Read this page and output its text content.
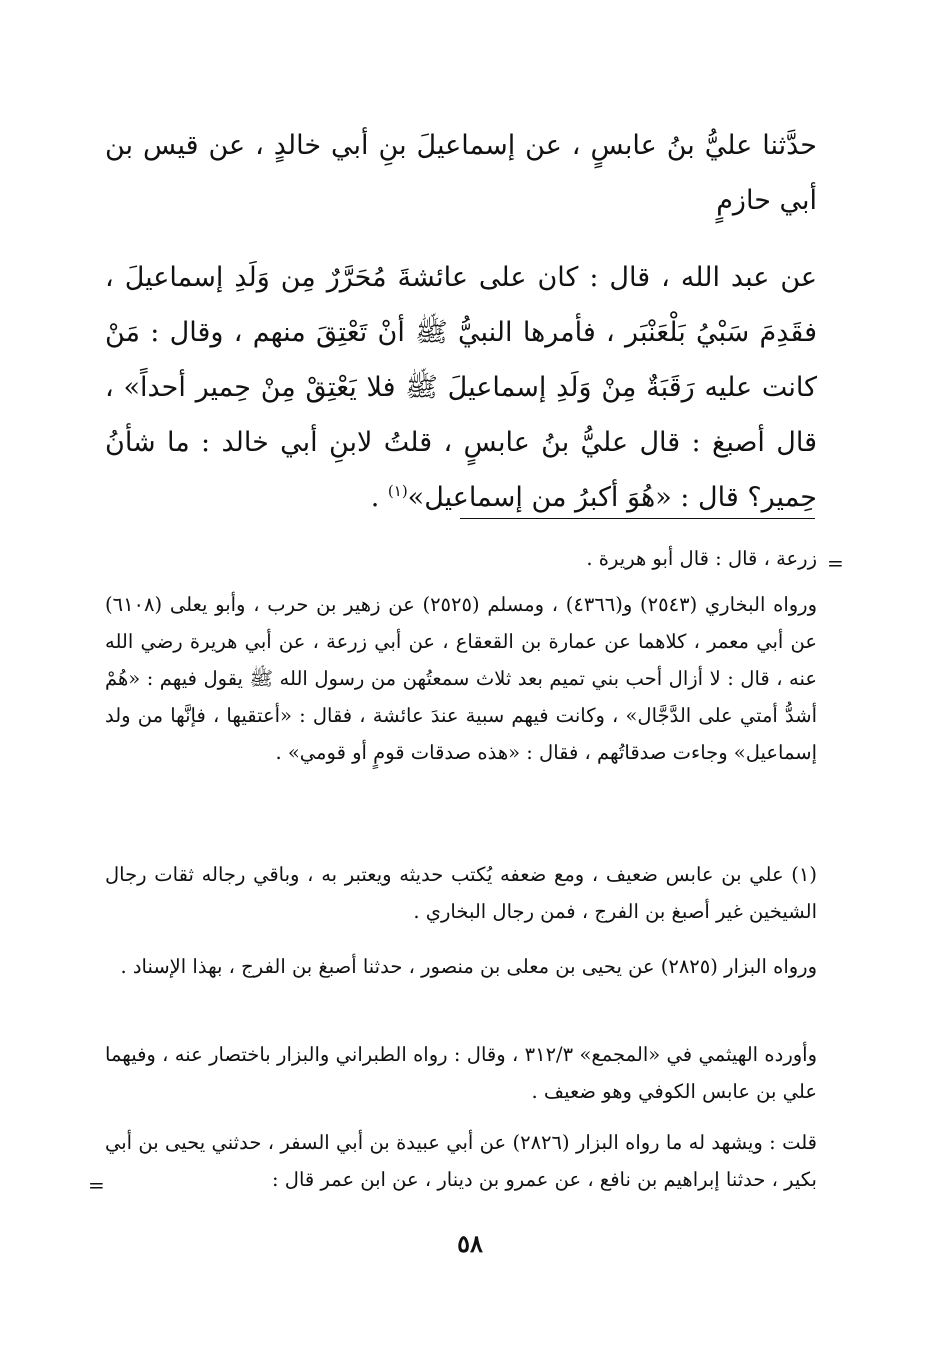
حدَّثنا عليُّ بنُ عابسٍ ، عن إسماعيلَ بنِ أبي خالدٍ ، عن قيس بن أبي حازمٍ

عن عبد الله ، قال : كان على عائشةَ مُحَرَّرٌ مِن وَلَدِ إسماعيلَ ، فقَدِمَ سَبْيُ بَلْعَنْبَر ، فأمرها النبيُّ ﷺ أنْ تَعْتِقَ منهم ، وقال : مَنْ كانت عليه رَقَبَةٌ مِنْ وَلَدِ إسماعيلَ ﷺ فلا يَعْتِقْ مِنْ حِمير أحداً» ، قال أصبغ : قال عليُّ بنُ عابسٍ ، قلتُ لابنِ أبي خالد : ما شأنُ حِمير؟ قال : «هُوَ أكبرُ من إسماعيل»$^{(١)}$ .

=

زرعة ، قال : قال أبو هريرة .

ورواه البخاري (٢٥٤٣) و(٤٣٦٦) ، ومسلم (٢٥٢٥) عن زهير بن حرب ، وأبو يعلى (٦١٠٨) عن أبي معمر ، كلاهما عن عمارة بن القعقاع ، عن أبي زرعة ، عن أبي هريرة رضي الله عنه ، قال : لا أزال أحب بني تميم بعد ثلاث سمعتُهن من رسول الله ﷺ يقول فيهم : «هُمْ أشدُّ أمتي على الدَّجَّال» ، وكانت فيهم سبية عندَ عائشة ، فقال : «أعتقيها ، فإنَّها من ولد إسماعيل» وجاءت صدقاتُهم ، فقال : «هذه صدقات قومٍ أو قومي» .

(١) علي بن عابس ضعيف ، ومع ضعفه يُكتب حديثه ويعتبر به ، وباقي رجاله ثقات رجال الشيخين غير أصبغ بن الفرج ، فمن رجال البخاري .

ورواه البزار (٢٨٢٥) عن يحيى بن معلى بن منصور ، حدثنا أصبغ بن الفرج ، بهذا الإسناد .

وأورده الهيثمي في «المجمع» ٣١٢/٣ ، وقال : رواه الطبراني والبزار باختصار عنه ، وفيهما علي بن عابس الكوفي وهو ضعيف .

قلت : ويشهد له ما رواه البزار (٢٨٢٦) عن أبي عبيدة بن أبي السفر ، حدثني يحيى بن أبي بكير ، حدثنا إبراهيم بن نافع ، عن عمرو بن دينار ، عن ابن عمر قال :

=
٥٨
